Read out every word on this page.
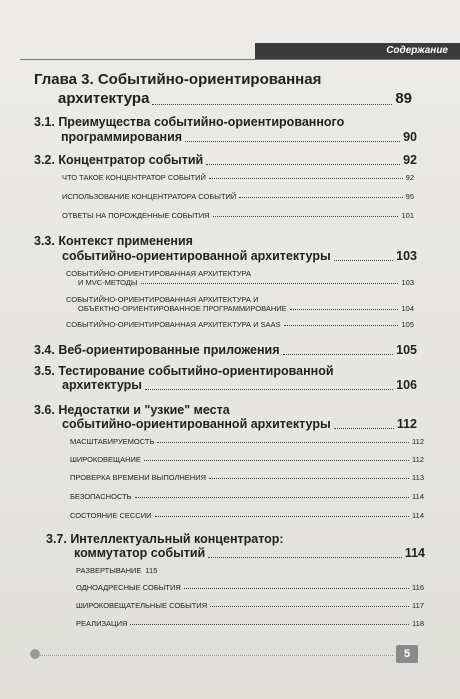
Содержание
Глава 3. Событийно-ориентированная
архитектура	89
3.1. Преимущества событийно-ориентированного
программирования	90
3.2. Концентратор событий	92
ЧТО ТАКОЕ КОНЦЕНТРАТОР СОБЫТИЙ	92
ИСПОЛЬЗОВАНИЕ КОНЦЕНТРАТОРА СОБЫТИЙ	95
ОТВЕТЫ НА ПОРОЖДЕННЫЕ СОБЫТИЯ	101
3.3. Контекст применения
событийно-ориентированной архитектуры	103
СОБЫТИЙНО-ОРИЕНТИРОВАННАЯ АРХИТЕКТУРА
И MVC-МЕТОДЫ	103
СОБЫТИЙНО-ОРИЕНТИРОВАННАЯ АРХИТЕКТУРА И
ОБЪЕКТНО-ОРИЕНТИРОВАННОЕ ПРОГРАММИРОВАНИЕ	104
СОБЫТИЙНО-ОРИЕНТИРОВАННАЯ АРХИТЕКТУРА И SAAS	105
3.4. Веб-ориентированные приложения	105
3.5. Тестирование событийно-ориентированной
архитектуры	106
3.6. Недостатки и "узкие" места
событийно-ориентированной архитектуры	112
МАСШТАБИРУЕМОСТЬ	112
ШИРОКОВЕЩАНИЕ	112
ПРОВЕРКА ВРЕМЕНИ ВЫПОЛНЕНИЯ	113
БЕЗОПАСНОСТЬ	114
СОСТОЯНИЕ СЕССИИ	114
3.7. Интеллектуальный концентратор:
коммутатор событий	114
РАЗВЕРТЫВАНИЕ 115
ОДНОАДРЕСНЫЕ СОБЫТИЯ	116
ШИРОКОВЕЩАТЕЛЬНЫЕ СОБЫТИЯ	117
РЕАЛИЗАЦИЯ	118
5
